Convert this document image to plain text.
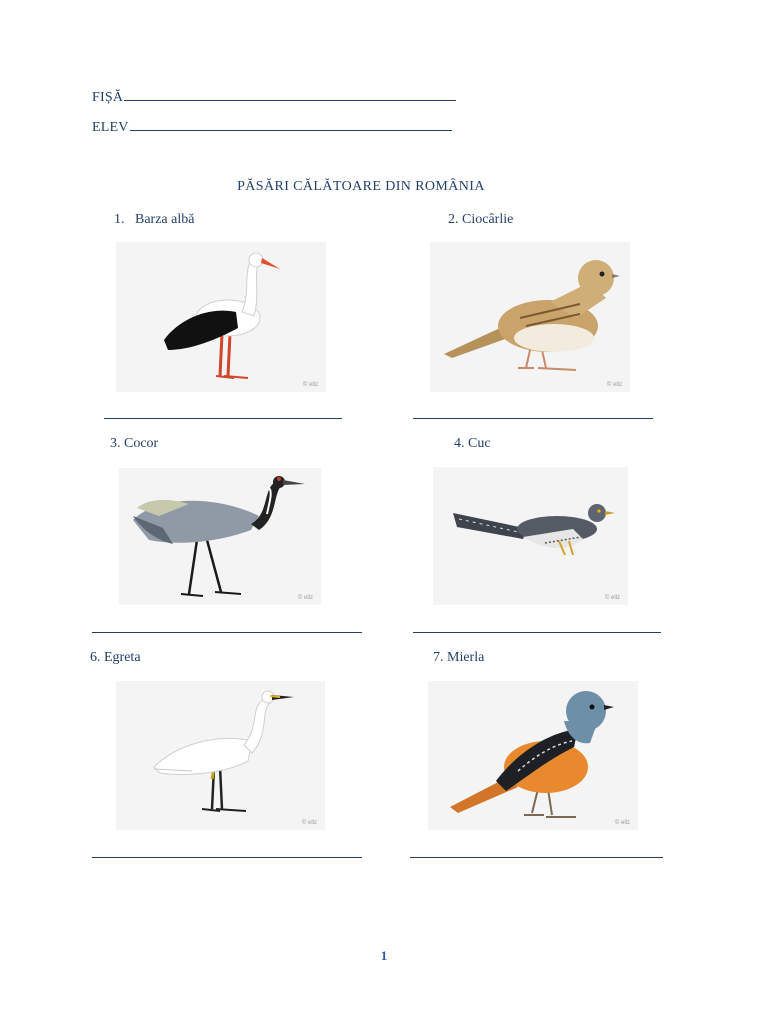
FIȘĂ
ELEV
PĂSĂRI CĂLĂTOARE DIN ROMÂNIA
1. Barza albă
© ellz
2. Ciocârlie
© ellz
3. Cocor
© ellz
4. Cuc
© ellz
6. Egreta
© ellz
7. Mierla
© ellz
1
